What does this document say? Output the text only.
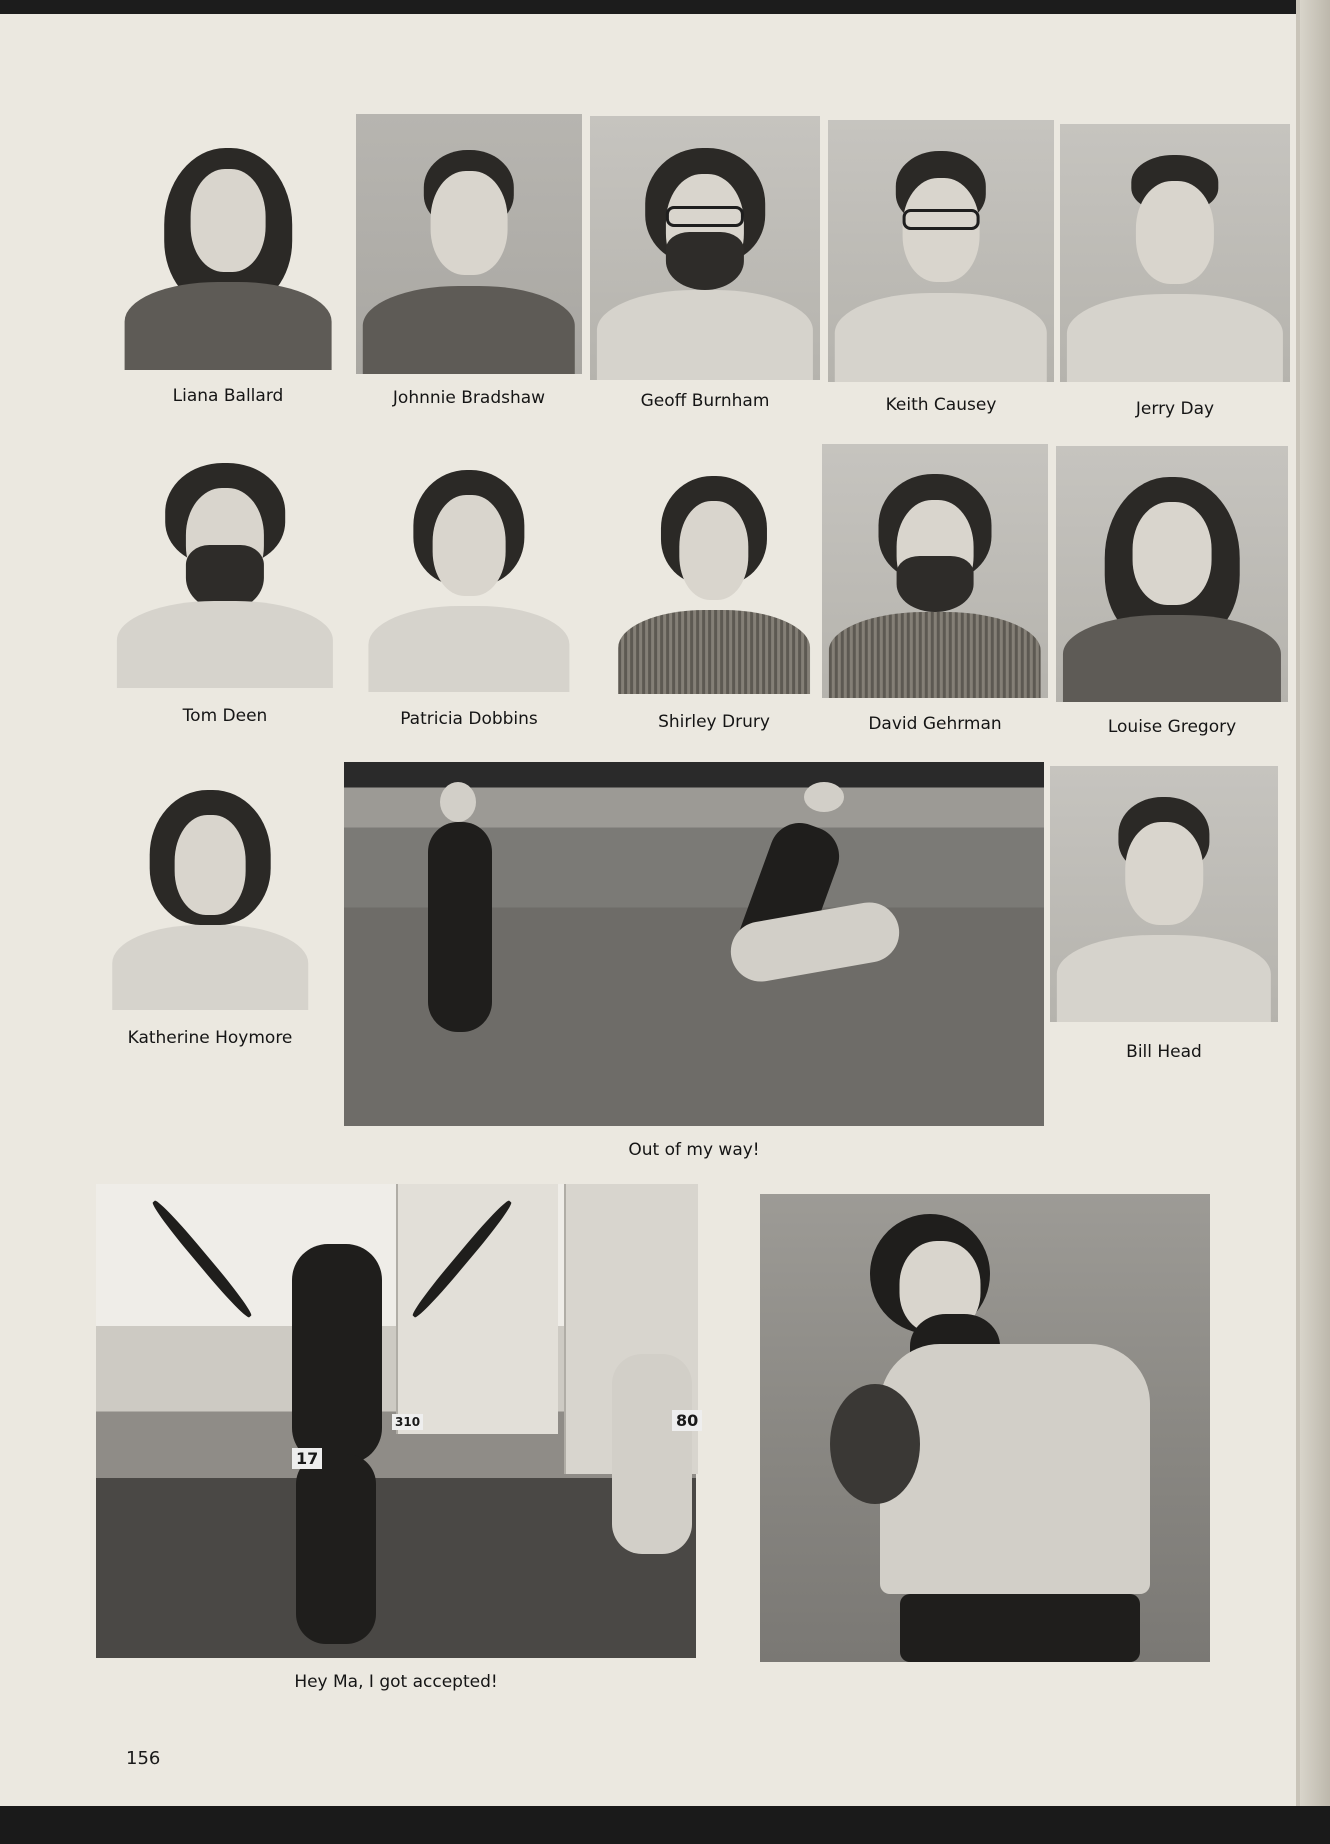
Liana Ballard	Johnnie Bradshaw	Geoff Burnham	Keith Causey	Jerry Day
Tom Deen	Patricia Dobbins	Shirley Drury	David Gehrman	Louise Gregory
Katherine Hoymore
Out of my way!
Bill Head
17
80
310
Hey Ma, I got accepted!
156
